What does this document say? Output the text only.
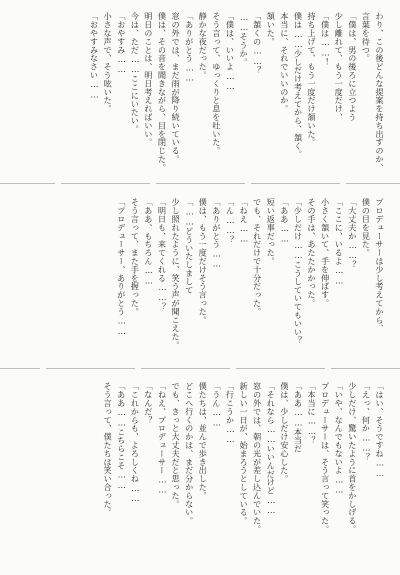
わり、この後どんな提案を持ち出すのか、
言葉を待つ。
「僕は、男の後ろに立つよう
少し離れて、もう一度だけ、
「僕は……！
持ち上げて、もう一度だけ頷いた。
僕は……少しだけ考えてから、頷く。
本当に、それでいいのか。
頷いた。
「頷くの……？
……そうか。
「僕は、いいよ……
そう言って、ゆっくりと息を吐いた。
静かな夜だった。
「ありがとう……
窓の外では、まだ雨が降り続いている。
僕は、その音を聞きながら、目を閉じた。
明日のことは、明日考えればいい。
今は、ただ……ここにいたい。
「おやすみ……
小さな声で、そう呟いた。
「おやすみなさい……
プロデューサーは少し考えてから、
僕の目を見た。
「大丈夫か……？
「ここに、いるよ……
小さく頷いて、手を伸ばす。
その手は、あたたかかった。
「少しだけ……こうしていてもいい？
「ああ……
短い返事だった。
でも、それだけで十分だった。
「ねえ……
「ん……？
「ありがとう……
僕は、もう一度だけそう言った。
「……どういたしまして
少し照れたように、笑う声が聞こえた。
「明日も、来てくれる……？
「ああ、もちろん……
そう言って、また手を握った。
「プロデューサー、ありがとう……
「はい、そうですね……
「えっ、何か……？
少しだけ、驚いたように首をかしげる。
「いや、なんでもないよ……
プロデューサーは、そう言って笑った。
「本当に……？
「ああ……本当だ
僕は、少しだけ安心した。
「それなら……いいんだけど……
窓の外では、朝の光が差し込んでいた。
新しい一日が、始まろうとしている。
「行こうか……
「うん……
僕たちは、並んで歩き出した。
どこへ行くのかは、まだ分からない。
でも、きっと大丈夫だと思った。
「ねえ、プロデューサー……
「なんだ？
「これからも、よろしくね……
「ああ……こちらこそ……
そう言って、僕たちは笑い合った。
